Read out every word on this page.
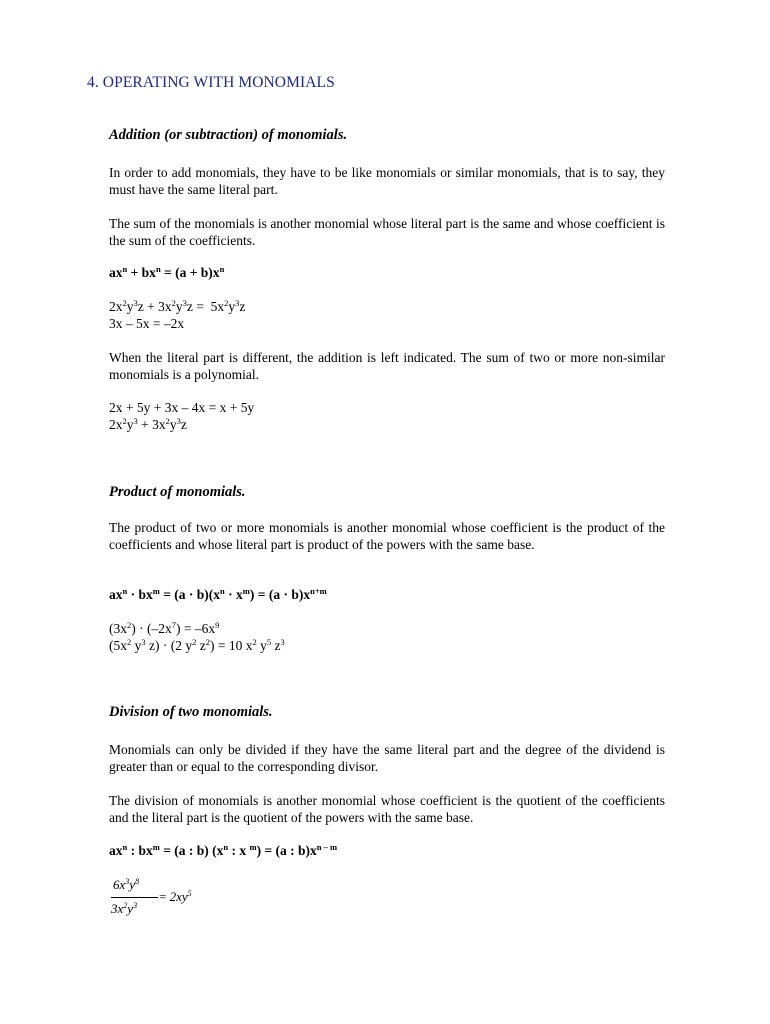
4. OPERATING WITH MONOMIALS
Addition (or subtraction) of monomials.

In order to add monomials, they have to be like monomials or similar monomials, that is to say, they must have the same literal part.

The sum of the monomials is another monomial whose literal part is the same and whose coefficient is the sum of the coefficients.

$ax^n + bx^n = (a + b)x^n$

$2x^2y^3z + 3x^2y^3z = 5x^2y^3z$

3x – 5x = –2x

When the literal part is different, the addition is left indicated. The sum of two or more non-similar monomials is a polynomial.

2x + 5y + 3x – 4x = x + 5y

$2x^2y^3 + 3x^2y^3z$

Product of monomials.

The product of two or more monomials is another monomial whose coefficient is the product of the coefficients and whose literal part is product of the powers with the same base.

$ax^n \cdot bx^m = (a \cdot b)(x^n \cdot x^m) = (a \cdot b)x^{n+m}$

$(3x^2) \cdot (-2x^7) = -6x^9$

($5x^2$ $y^3$ z) · (2 $y^2$ $z^2) = 10$ $x^2$ $y^5$ $z^3$

Division of two monomials.

Monomials can only be divided if they have the same literal part and the degree of the dividend is greater than or equal to the corresponding divisor.

The division of monomials is another monomial whose coefficient is the quotient of the coefficients and the literal part is the quotient of the powers with the same base.

$ax^n$ : $bx^m = (a$ : b) ($x^n$ : x $^m$) = (a : $b)x^{n - m}$

$6x^3y^8$
$3x^2y^3$
= $2xy^5$
